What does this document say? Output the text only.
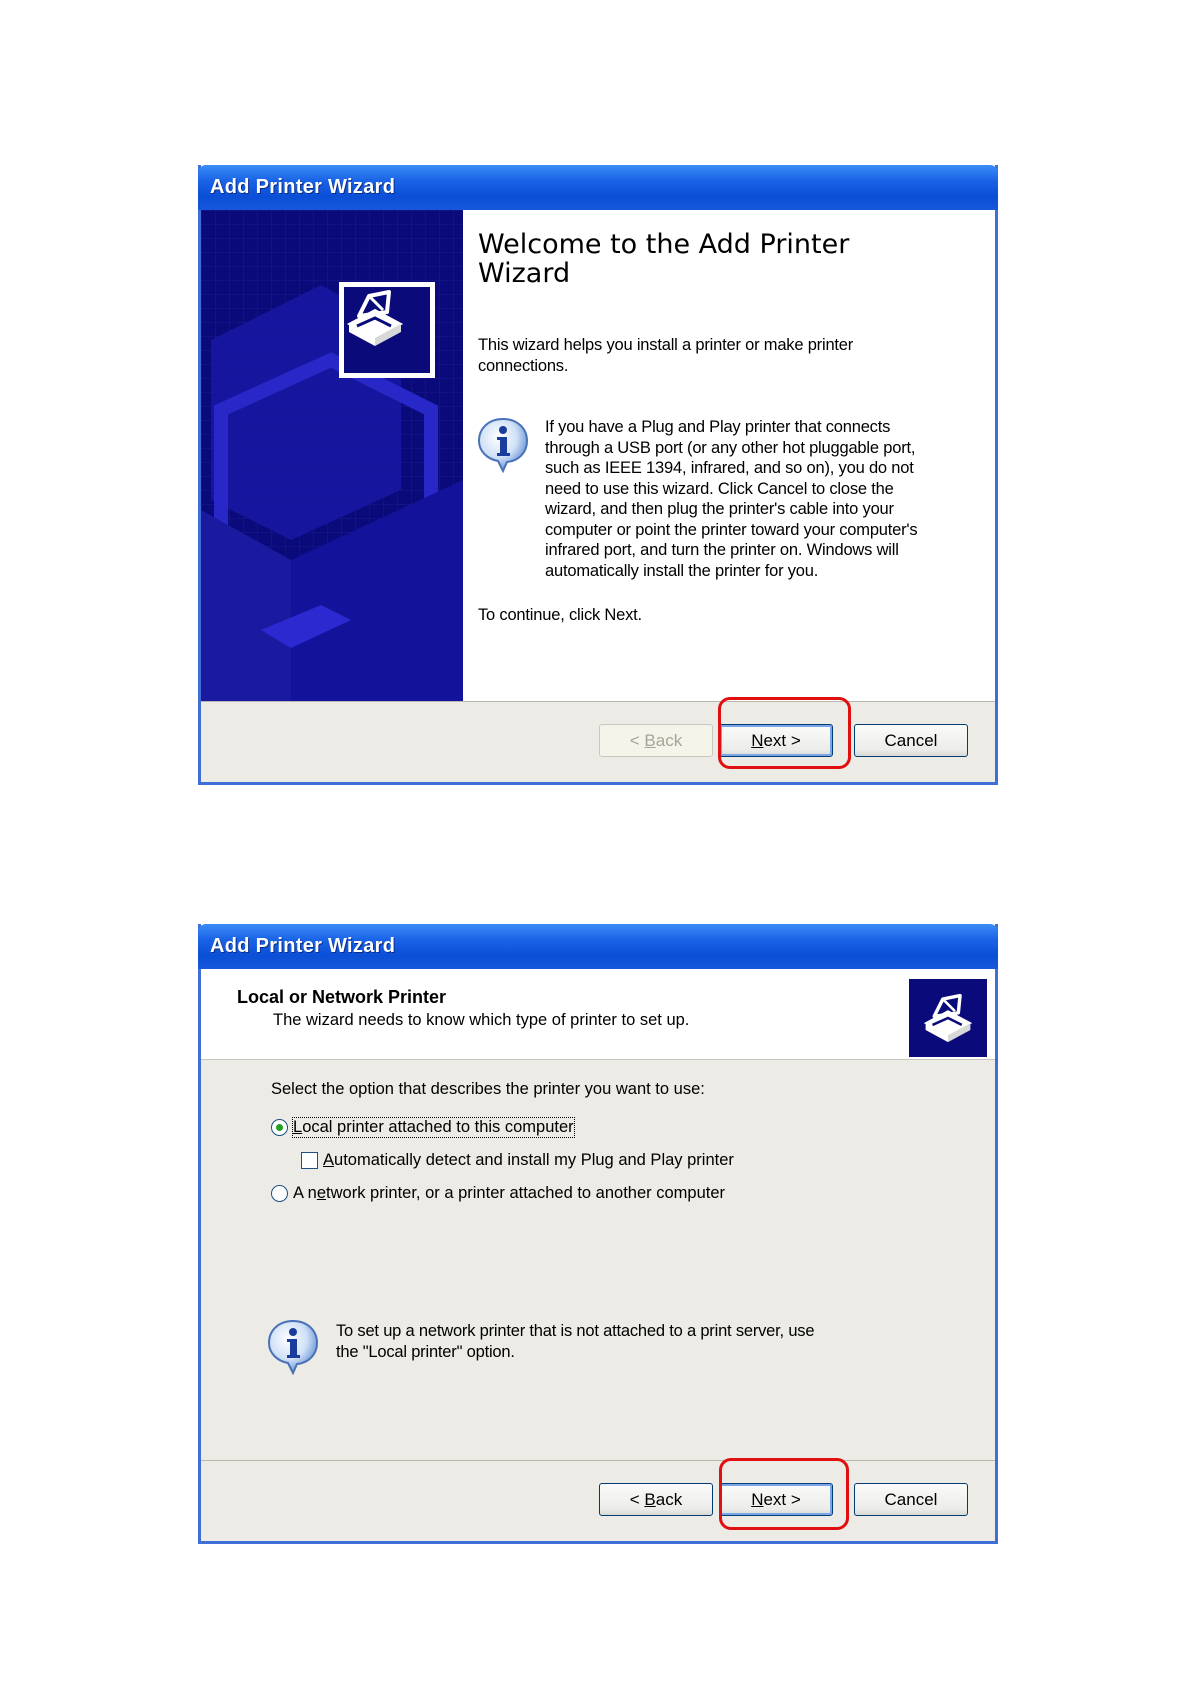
Add Printer Wizard
Welcome to the Add Printer Wizard
This wizard helps you install a printer or make printer connections.
If you have a Plug and Play printer that connects through a USB port (or any other hot pluggable port, such as IEEE 1394, infrared, and so on), you do not need to use this wizard. Click Cancel to close the wizard, and then plug the printer's cable into your computer or point the printer toward your computer's infrared port, and turn the printer on. Windows will automatically install the printer for you.
To continue, click Next.
< Back	Next >	Cancel
Add Printer Wizard
Local or Network Printer
The wizard needs to know which type of printer to set up.
Select the option that describes the printer you want to use:
Local printer attached to this computer
Automatically detect and install my Plug and Play printer
A network printer, or a printer attached to another computer
To set up a network printer that is not attached to a print server, use the "Local printer" option.
< Back	Next >	Cancel
